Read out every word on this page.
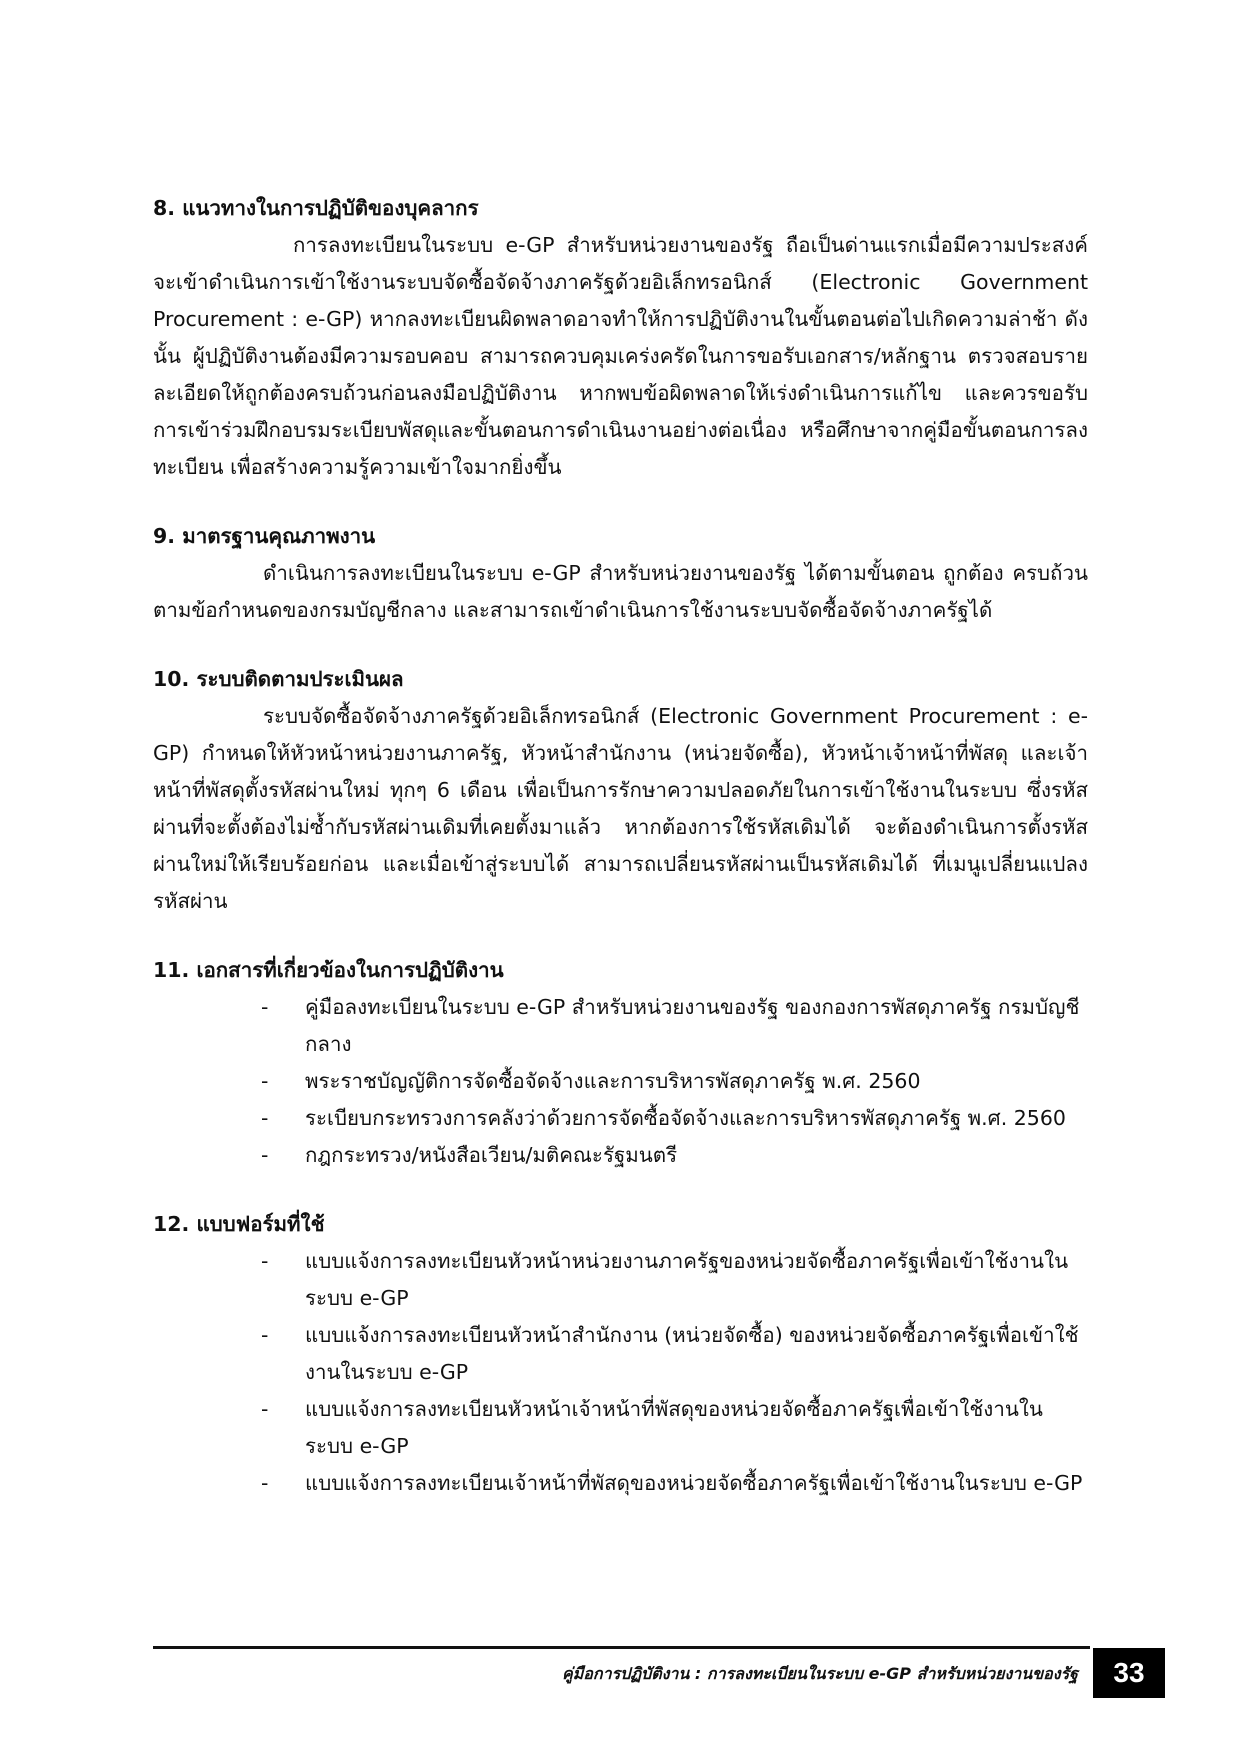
8. แนวทางในการปฏิบัติของบุคลากร

การลงทะเบียนในระบบ e-GP สำหรับหน่วยงานของรัฐ ถือเป็นด่านแรกเมื่อมีความประสงค์จะเข้าดำเนินการเข้าใช้งานระบบจัดซื้อจัดจ้างภาครัฐด้วยอิเล็กทรอนิกส์ (Electronic Government Procurement : e-GP) หากลงทะเบียนผิดพลาดอาจทำให้การปฏิบัติงานในขั้นตอนต่อไปเกิดความล่าช้า ดังนั้น ผู้ปฏิบัติงานต้องมีความรอบคอบ สามารถควบคุมเคร่งครัดในการขอรับเอกสาร/หลักฐาน ตรวจสอบรายละเอียดให้ถูกต้องครบถ้วนก่อนลงมือปฏิบัติงาน หากพบข้อผิดพลาดให้เร่งดำเนินการแก้ไข และควรขอรับการเข้าร่วมฝึกอบรมระเบียบพัสดุและขั้นตอนการดำเนินงานอย่างต่อเนื่อง หรือศึกษาจากคู่มือขั้นตอนการลงทะเบียน เพื่อสร้างความรู้ความเข้าใจมากยิ่งขึ้น

9. มาตรฐานคุณภาพงาน

ดำเนินการลงทะเบียนในระบบ e-GP สำหรับหน่วยงานของรัฐ ได้ตามขั้นตอน ถูกต้อง ครบถ้วนตามข้อกำหนดของกรมบัญชีกลาง และสามารถเข้าดำเนินการใช้งานระบบจัดซื้อจัดจ้างภาครัฐได้

10. ระบบติดตามประเมินผล

ระบบจัดซื้อจัดจ้างภาครัฐด้วยอิเล็กทรอนิกส์ (Electronic Government Procurement : e-GP) กำหนดให้หัวหน้าหน่วยงานภาครัฐ, หัวหน้าสำนักงาน (หน่วยจัดซื้อ), หัวหน้าเจ้าหน้าที่พัสดุ และเจ้าหน้าที่พัสดุตั้งรหัสผ่านใหม่ ทุกๆ 6 เดือน เพื่อเป็นการรักษาความปลอดภัยในการเข้าใช้งานในระบบ ซึ่งรหัสผ่านที่จะตั้งต้องไม่ซ้ำกับรหัสผ่านเดิมที่เคยตั้งมาแล้ว หากต้องการใช้รหัสเดิมได้ จะต้องดำเนินการตั้งรหัสผ่านใหม่ให้เรียบร้อยก่อน และเมื่อเข้าสู่ระบบได้ สามารถเปลี่ยนรหัสผ่านเป็นรหัสเดิมได้ ที่เมนูเปลี่ยนแปลงรหัสผ่าน

11. เอกสารที่เกี่ยวข้องในการปฏิบัติงาน

- คู่มือลงทะเบียนในระบบ e-GP สำหรับหน่วยงานของรัฐ ของกองการพัสดุภาครัฐ กรมบัญชีกลาง
- พระราชบัญญัติการจัดซื้อจัดจ้างและการบริหารพัสดุภาครัฐ พ.ศ. 2560
- ระเบียบกระทรวงการคลังว่าด้วยการจัดซื้อจัดจ้างและการบริหารพัสดุภาครัฐ พ.ศ. 2560
- กฎกระทรวง/หนังสือเวียน/มติคณะรัฐมนตรี

12. แบบฟอร์มที่ใช้

- แบบแจ้งการลงทะเบียนหัวหน้าหน่วยงานภาครัฐของหน่วยจัดซื้อภาครัฐเพื่อเข้าใช้งานในระบบ e-GP
- แบบแจ้งการลงทะเบียนหัวหน้าสำนักงาน (หน่วยจัดซื้อ) ของหน่วยจัดซื้อภาครัฐเพื่อเข้าใช้งานในระบบ e-GP
- แบบแจ้งการลงทะเบียนหัวหน้าเจ้าหน้าที่พัสดุของหน่วยจัดซื้อภาครัฐเพื่อเข้าใช้งานในระบบ e-GP
- แบบแจ้งการลงทะเบียนเจ้าหน้าที่พัสดุของหน่วยจัดซื้อภาครัฐเพื่อเข้าใช้งานในระบบ e-GP
คู่มือการปฏิบัติงาน : การลงทะเบียนในระบบ e-GP สำหรับหน่วยงานของรัฐ	33
